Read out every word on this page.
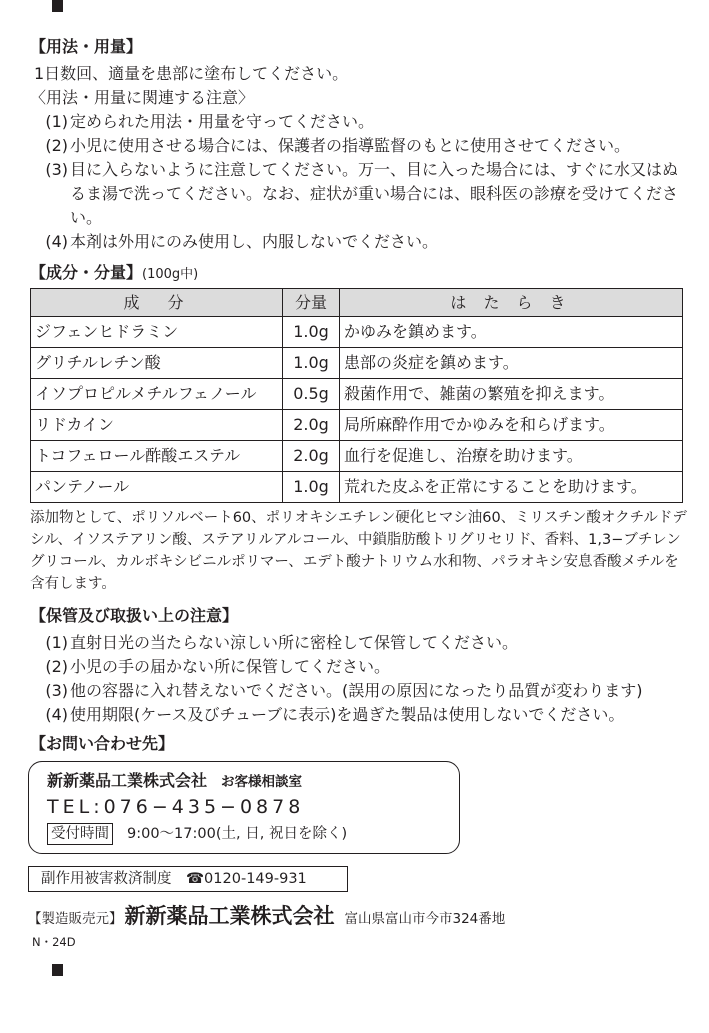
【用法・用量】
1日数回、適量を患部に塗布してください。
〈用法・用量に関連する注意〉
(1) 定められた用法・用量を守ってください。
(2) 小児に使用させる場合には、保護者の指導監督のもとに使用させてください。
(3) 目に入らないように注意してください。万一、目に入った場合には、すぐに水又はぬるま湯で洗ってください。なお、症状が重い場合には、眼科医の診療を受けてください。
(4) 本剤は外用にのみ使用し、内服しないでください。
【成分・分量】(100g中)
成　分	分量	は た ら き
ジフェンヒドラミン	1.0g	かゆみを鎮めます。
グリチルレチン酸	1.0g	患部の炎症を鎮めます。
イソプロピルメチルフェノール	0.5g	殺菌作用で、雑菌の繁殖を抑えます。
リドカイン	2.0g	局所麻酔作用でかゆみを和らげます。
トコフェロール酢酸エステル	2.0g	血行を促進し、治療を助けます。
パンテノール	1.0g	荒れた皮ふを正常にすることを助けます。
添加物として、ポリソルベート60、ポリオキシエチレン硬化ヒマシ油60、ミリスチン酸オクチルドデシル、イソステアリン酸、ステアリルアルコール、中鎖脂肪酸トリグリセリド、香料、1,3−ブチレングリコール、カルボキシビニルポリマー、エデト酸ナトリウム水和物、パラオキシ安息香酸メチルを含有します。
【保管及び取扱い上の注意】
(1) 直射日光の当たらない涼しい所に密栓して保管してください。
(2) 小児の手の届かない所に保管してください。
(3) 他の容器に入れ替えないでください。(誤用の原因になったり品質が変わります)
(4) 使用期限(ケース及びチューブに表示)を過ぎた製品は使用しないでください。
【お問い合わせ先】
新新薬品工業株式会社 お客様相談室
TEL:076−435−0878
受付時間 9:00〜17:00(土, 日, 祝日を除く)
副作用被害救済制度　 ☎0120-149-931
【製造販売元】 新新薬品工業株式会社 富山県富山市今市324番地
N・24D
